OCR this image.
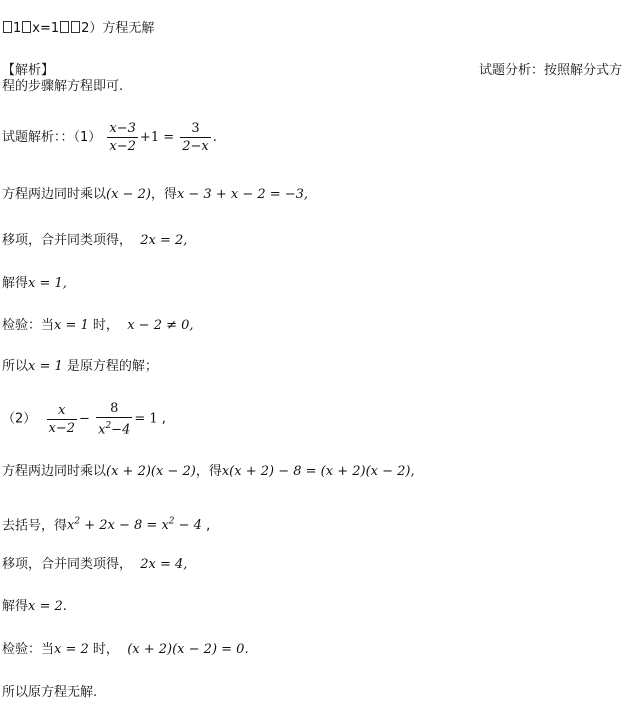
1 x=1 2）方程无解
【解析】	试题分析：按照解分式方
程的步骤解方程即可.
试题解析：：$(1) \frac{x-3}{x-2} +1 = \frac{3}{2-x}$ .
方程两边同时乘以(x − 2)，得x − 3 + x − 2 = −3,
移项，合并同类项得， 2x = 2,
解得x = 1,
检验：当x = 1 时， x − 2 ≠ 0,
所以x = 1 是原方程的解；
$(2) \frac{x}{x-2} - \frac{8}{x^2-4} = 1$ ,
方程两边同时乘以(x + 2)(x − 2)，得x(x + 2) − 8 = (x + 2)(x − 2),
去括号，得$x^2 + 2x - 8 = x^2 - 4$ ,
移项，合并同类项得， 2x = 4,
解得x = 2.
检验：当x = 2 时， (x + 2)(x − 2) = 0.
所以原方程无解.
